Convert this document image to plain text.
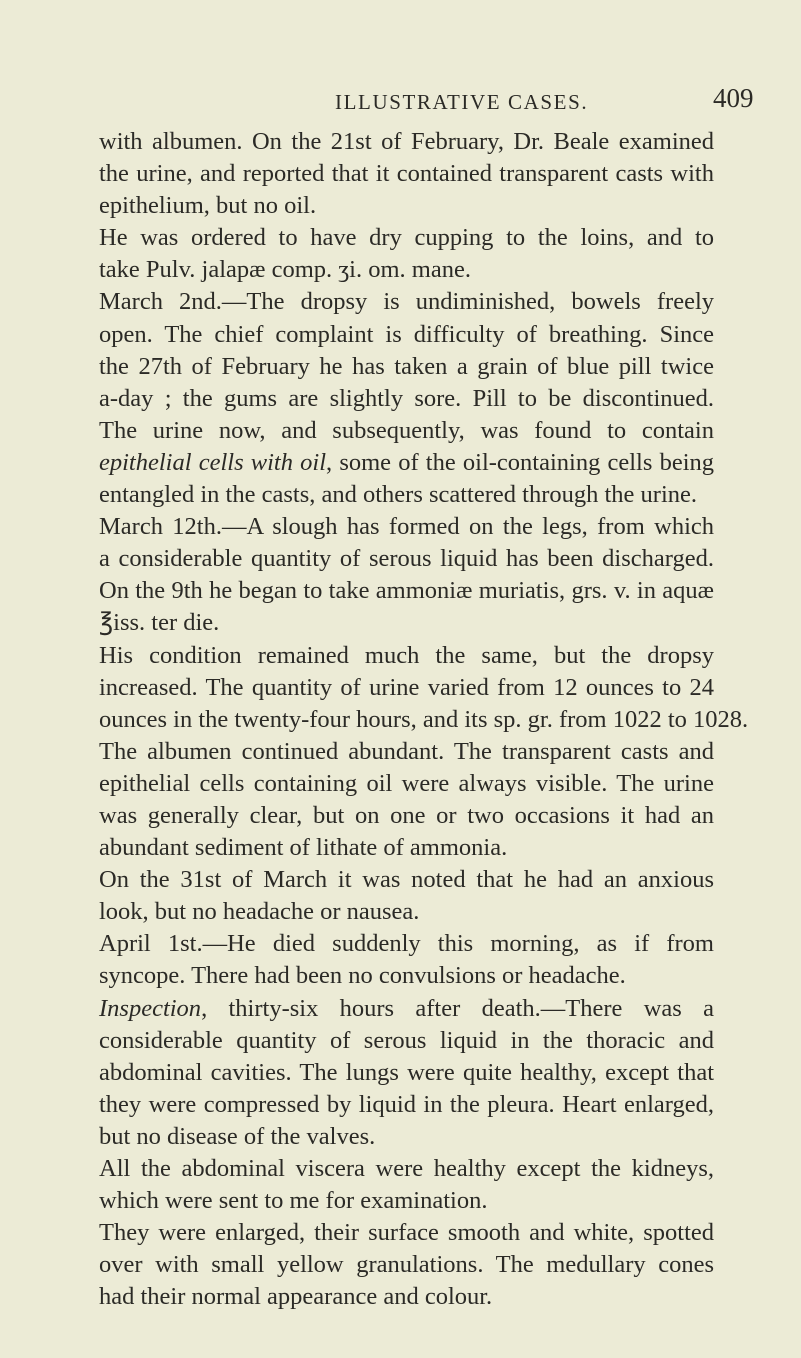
ILLUSTRATIVE CASES.	409
with albumen. On the 21st of February, Dr. Beale examined
the urine, and reported that it contained transparent casts with
epithelium, but no oil.
He was ordered to have dry cupping to the loins, and to
take Pulv. jalapæ comp. ʒi. om. mane.
March 2nd.—The dropsy is undiminished, bowels freely
open. The chief complaint is difficulty of breathing. Since
the 27th of February he has taken a grain of blue pill twice
a-day ; the gums are slightly sore. Pill to be discontinued.
The urine now, and subsequently, was found to contain
epithelial cells with oil, some of the oil-containing cells being
entangled in the casts, and others scattered through the urine.
March 12th.—A slough has formed on the legs, from which
a considerable quantity of serous liquid has been discharged.
On the 9th he began to take ammoniæ muriatis, grs. v. in aquæ
℥iss. ter die.
His condition remained much the same, but the dropsy
increased. The quantity of urine varied from 12 ounces to 24
ounces in the twenty-four hours, and its sp. gr. from 1022 to 1028.
The albumen continued abundant. The transparent casts and
epithelial cells containing oil were always visible. The urine
was generally clear, but on one or two occasions it had an
abundant sediment of lithate of ammonia.
On the 31st of March it was noted that he had an anxious
look, but no headache or nausea.
April 1st.—He died suddenly this morning, as if from
syncope. There had been no convulsions or headache.
Inspection, thirty-six hours after death.—There was a
considerable quantity of serous liquid in the thoracic and
abdominal cavities. The lungs were quite healthy, except that
they were compressed by liquid in the pleura. Heart enlarged,
but no disease of the valves.
All the abdominal viscera were healthy except the kidneys,
which were sent to me for examination.
They were enlarged, their surface smooth and white, spotted
over with small yellow granulations. The medullary cones
had their normal appearance and colour.
